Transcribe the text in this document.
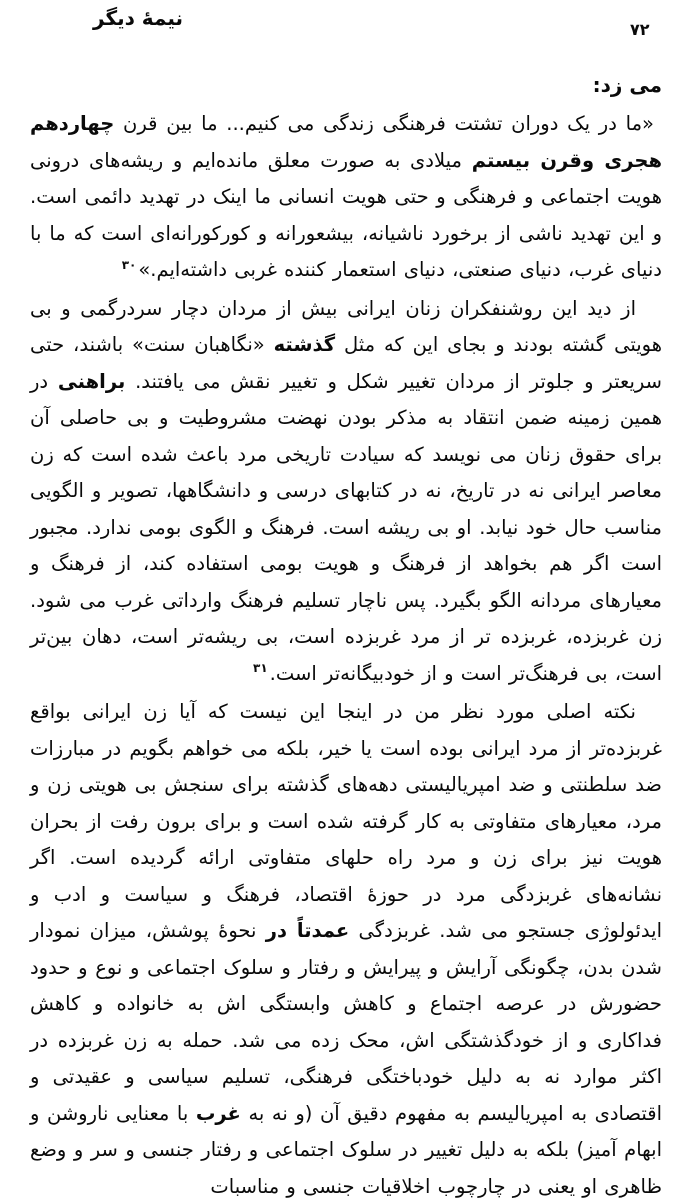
نیمهٔ دیگر	۷۲

می زد:

«ما در یک دوران تشتت فرهنگی زندگی می کنیم... ما بین قرن چهاردهم هجری وقرن بیستم میلادی به صورت معلق مانده‌ایم و ریشه‌های درونی هویت اجتماعی و فرهنگی و حتی هویت انسانی ما اینک در تهدید دائمی است. و این تهدید ناشی از برخورد ناشیانه، بیشعورانه و کورکورانه‌ای است که ما با دنیای غرب، دنیای صنعتی، دنیای استعمار کننده غربی داشته‌ایم.»$^{۳۰}$

از دید این روشنفکران زنان ایرانی بیش از مردان دچار سردرگمی و بی هویتی گشته بودند و بجای این که مثل گذشته «نگاهبان سنت» باشند، حتی سریعتر و جلوتر از مردان تغییر شکل و تغییر نقش می یافتند. براهنی در همین زمینه ضمن انتقاد به مذکر بودن نهضت مشروطیت و بی حاصلی آن برای حقوق زنان می نویسد که سیادت تاریخی مرد باعث شده است که زن معاصر ایرانی نه در تاریخ، نه در کتابهای درسی و دانشگاهها، تصویر و الگویی مناسب حال خود نیابد. او بی ریشه است. فرهنگ و الگوی بومی ندارد. مجبور است اگر هم بخواهد از فرهنگ و هویت بومی استفاده کند، از فرهنگ و معیارهای مردانه الگو بگیرد. پس ناچار تسلیم فرهنگ وارداتی غرب می شود. زن غربزده، غربزده تر از مرد غربزده است، بی ریشه‌تر است، دهان بین‌تر است، بی فرهنگ‌تر است و از خودبیگانه‌تر است.$^{۳۱}$

نکته اصلی مورد نظر من در اینجا این نیست که آیا زن ایرانی بواقع غربزده‌تر از مرد ایرانی بوده است یا خیر، بلکه می خواهم بگویم در مبارزات ضد سلطنتی و ضد امپریالیستی دهه‌های گذشته برای سنجش بی هویتی زن و مرد، معیارهای متفاوتی به کار گرفته شده است و برای برون رفت از بحران هویت نیز برای زن و مرد راه حلهای متفاوتی ارائه گردیده است. اگر نشانه‌های غربزدگی مرد در حوزهٔ اقتصاد، فرهنگ و سیاست و ادب و ایدئولوژی جستجو می شد. غربزدگی عمدتاً در نحوهٔ پوشش، میزان نمودار شدن بدن، چگونگی آرایش و پیرایش و رفتار و سلوک اجتماعی و نوع و حدود حضورش در عرصه اجتماع و کاهش وابستگی اش به خانواده و کاهش فداکاری و از خودگذشتگی اش، محک زده می شد. حمله به زن غربزده در اکثر موارد نه به دلیل خودباختگی فرهنگی، تسلیم سیاسی و عقیدتی و اقتصادی به امپریالیسم به مفهوم دقیق آن (و نه به غرب با معنایی ناروشن و ابهام آمیز) بلکه به دلیل تغییر در سلوک اجتماعی و رفتار جنسی و سر و وضع ظاهری او یعنی در چارچوب اخلاقیات جنسی و مناسبات
